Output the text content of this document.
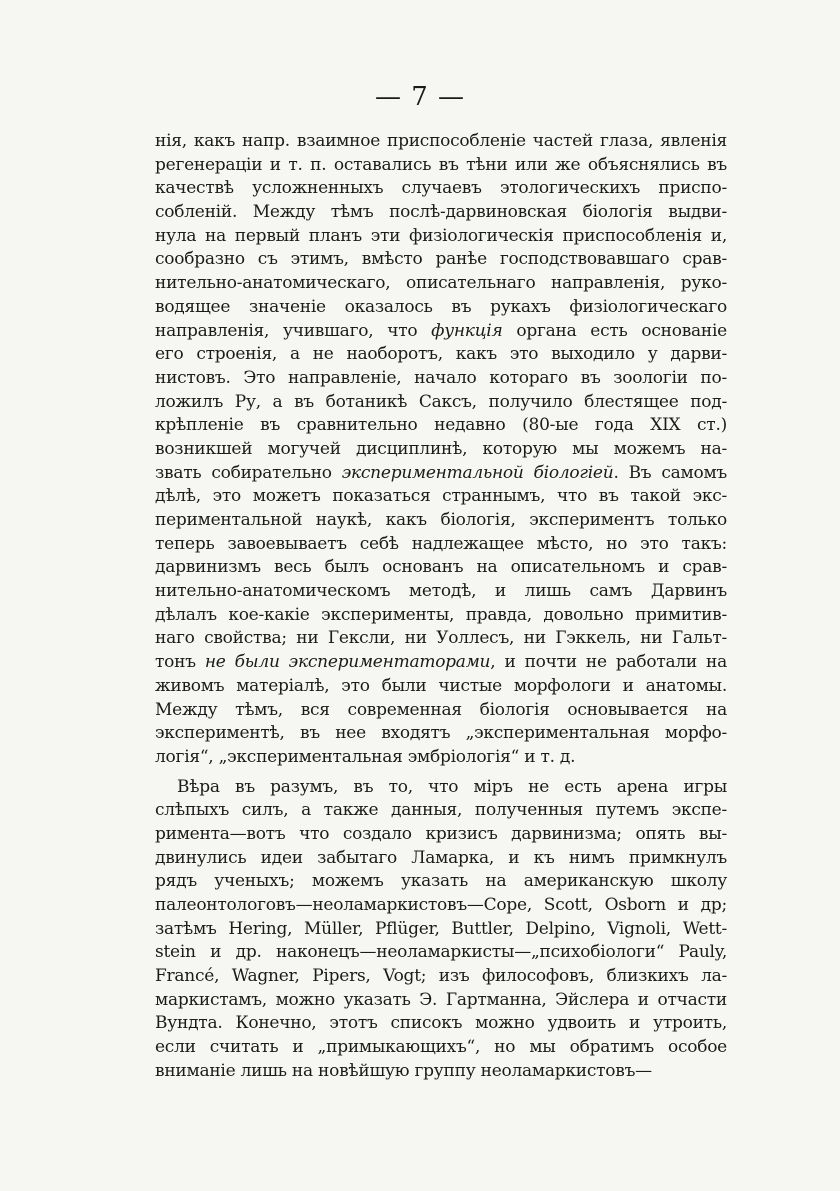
— 7 —
нія, какъ напр. взаимное приспособленіе частей глаза, явленія
регенераціи и т. п. оставались въ тѣни или же объяснялись въ
качествѣ усложненныхъ случаевъ этологическихъ приспо-
собленій. Между тѣмъ послѣ-дарвиновская біологія выдви-
нула на первый планъ эти физіологическія приспособленія и,
сообразно съ этимъ, вмѣсто ранѣе господствовавшаго срав-
нительно-анатомическаго, описательнаго направленія, руко-
водящее значеніе оказалось въ рукахъ физіологическаго
направленія, учившаго, что функція органа есть основаніе
его строенія, а не наоборотъ, какъ это выходило у дарви-
нистовъ. Это направленіе, начало котораго въ зоологіи по-
ложилъ Ру, а въ ботаникѣ Саксъ, получило блестящее под-
крѣпленіе въ сравнительно недавно (80-ые года XIX ст.)
возникшей могучей дисциплинѣ, которую мы можемъ на-
звать собирательно экспериментальной біологіей. Въ самомъ
дѣлѣ, это можетъ показаться страннымъ, что въ такой экс-
периментальной наукѣ, какъ біологія, экспериментъ только
теперь завоевываетъ себѣ надлежащее мѣсто, но это такъ:
дарвинизмъ весь былъ основанъ на описательномъ и срав-
нительно-анатомическомъ методѣ, и лишь самъ Дарвинъ
дѣлалъ кое-какіе эксперименты, правда, довольно примитив-
наго свойства; ни Гексли, ни Уоллесъ, ни Гэккель, ни Гальт-
тонъ не были экспериментаторами, и почти не работали на
живомъ матеріалѣ, это были чистые морфологи и анатомы.
Между тѣмъ, вся современная біологія основывается на
экспериментѣ, въ нее входятъ „экспериментальная морфо-
логія“, „экспериментальная эмбріологія“ и т. д.
Вѣра въ разумъ, въ то, что міръ не есть арена игры
слѣпыхъ силъ, а также данныя, полученныя путемъ экспе-
римента—вотъ что создало кризисъ дарвинизма; опять вы-
двинулись идеи забытаго Ламарка, и къ нимъ примкнулъ
рядъ ученыхъ; можемъ указать на американскую школу
палеонтологовъ—неоламаркистовъ—Cope, Scott, Osborn и др;
затѣмъ Hering, Müller, Pflüger, Buttler, Delpino, Vignoli, Wett-
stein и др. наконецъ—неоламаркисты—„психобіологи“ Pauly,
Francé, Wagner, Pipers, Vogt; изъ философовъ, близкихъ ла-
маркистамъ, можно указать Э. Гартманна, Эйслера и отчасти
Вундта. Конечно, этотъ списокъ можно удвоить и утроить,
если считать и „примыкающихъ“, но мы обратимъ особое
вниманіе лишь на новѣйшую группу неоламаркистовъ—
